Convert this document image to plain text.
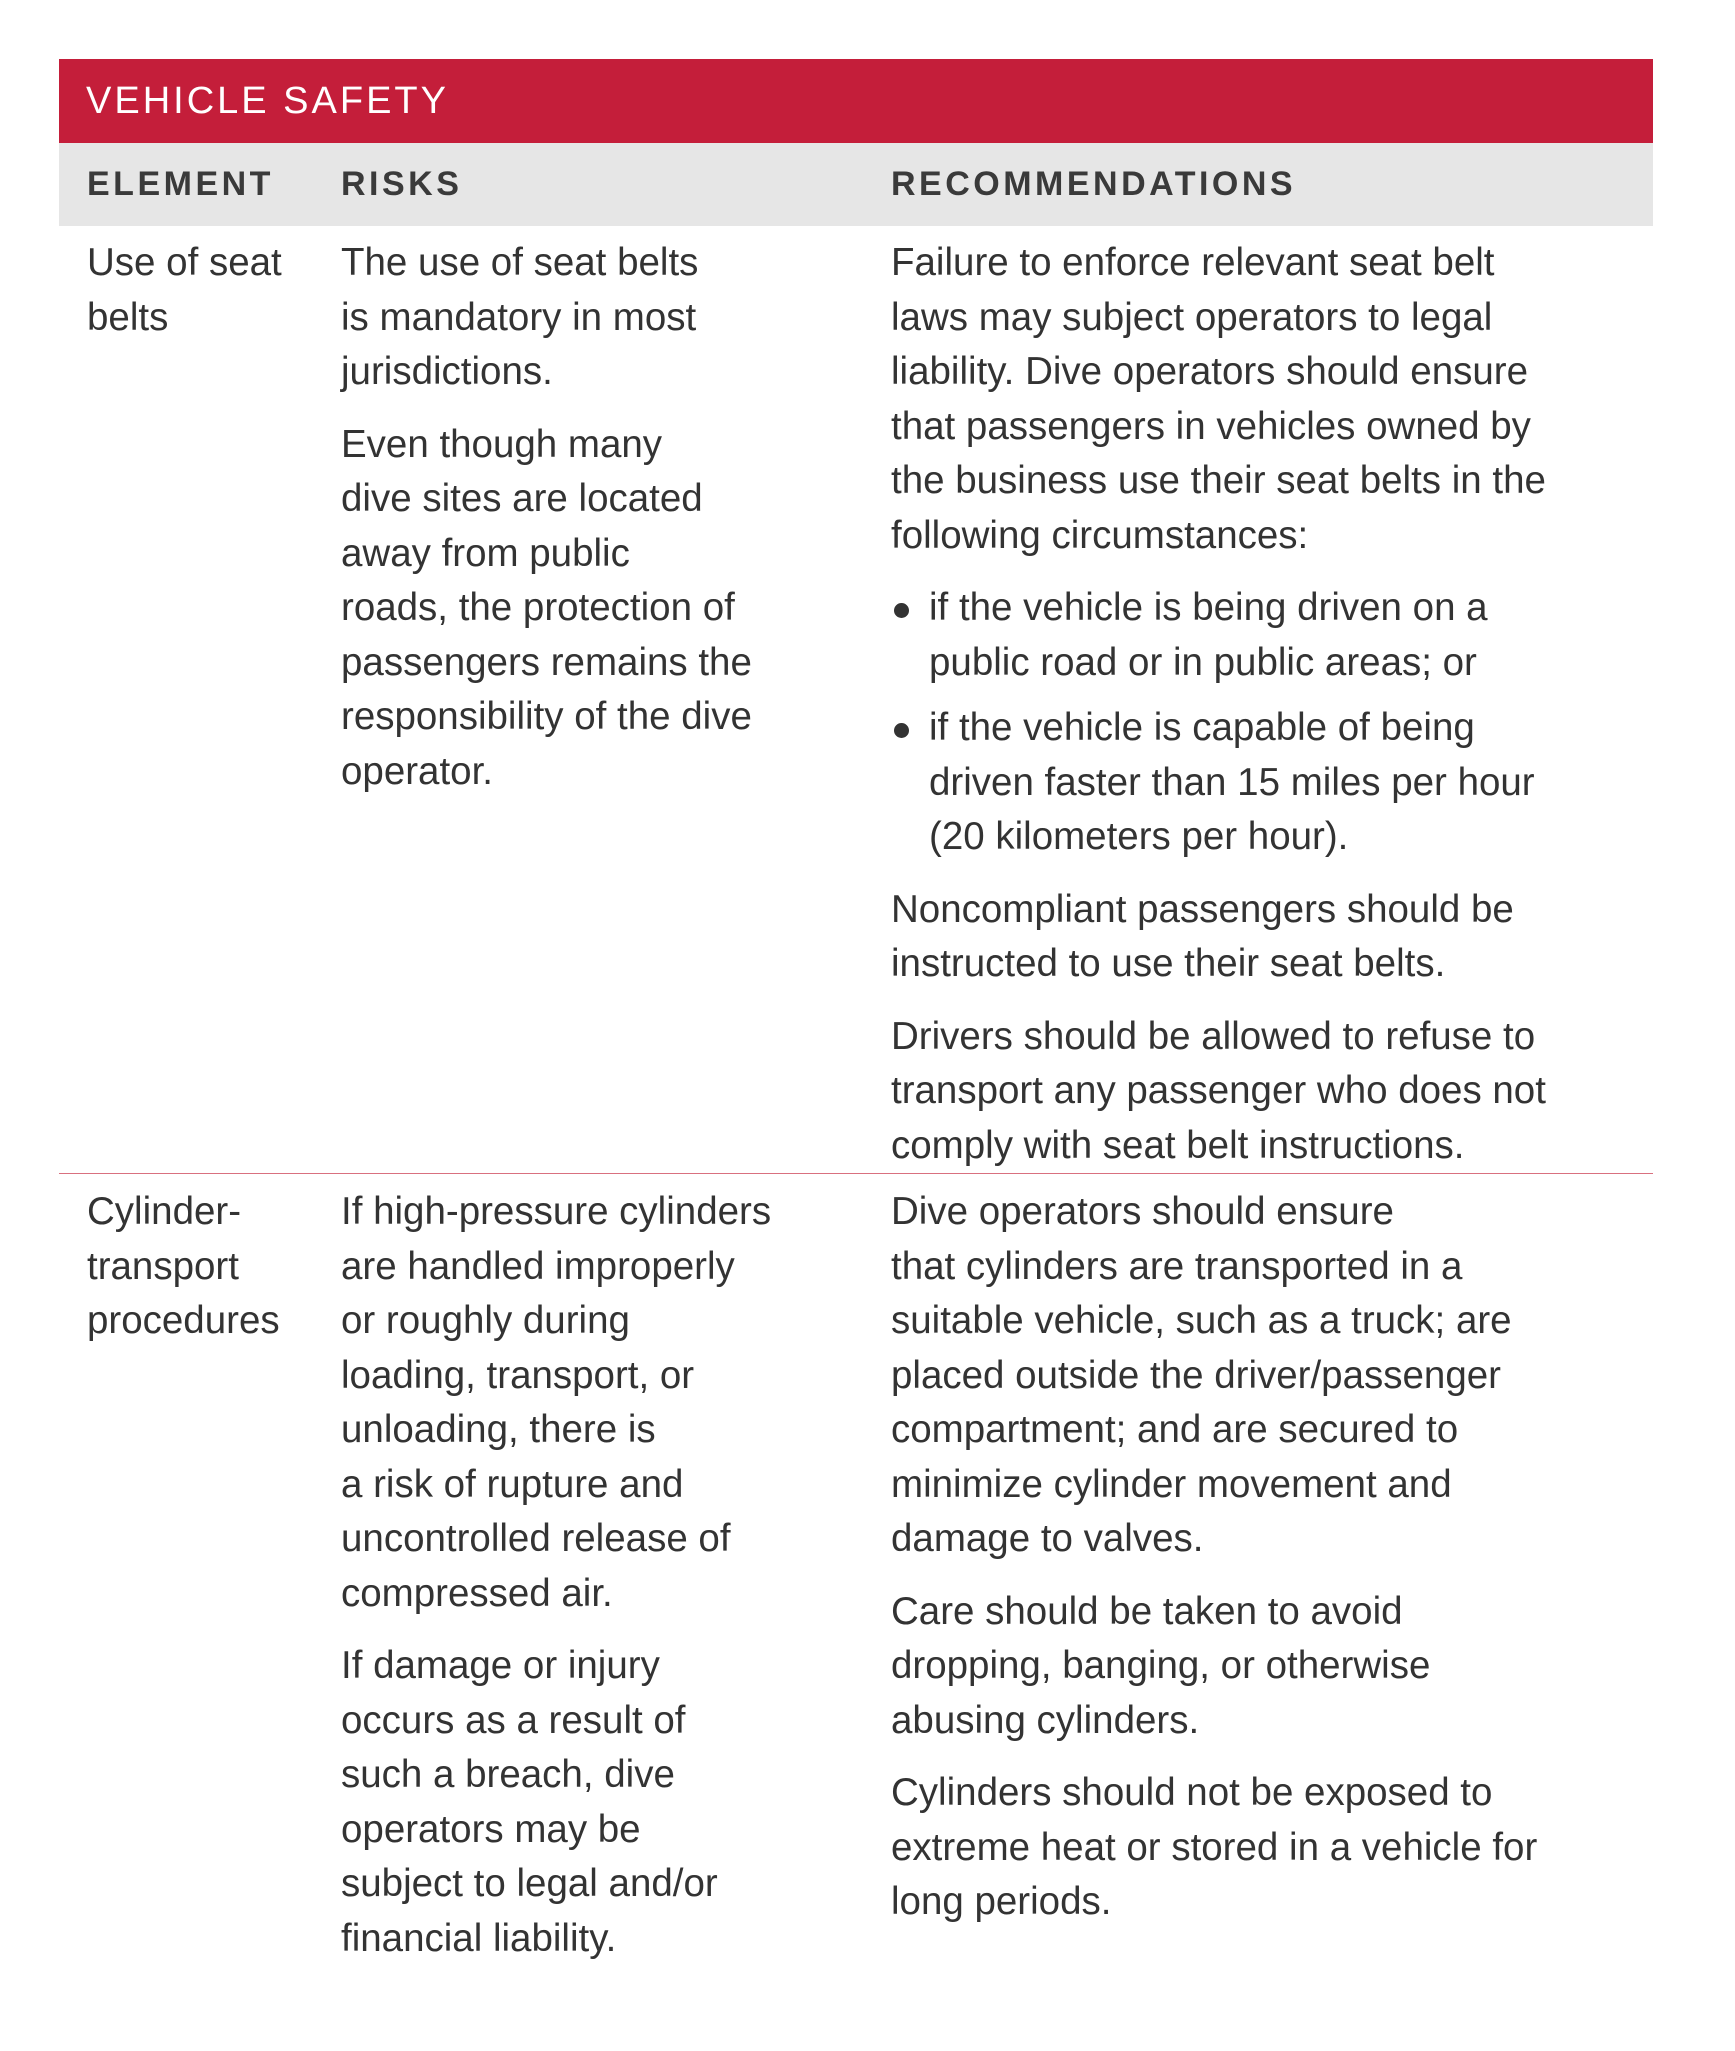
VEHICLE SAFETY
ELEMENT	RISKS	RECOMMENDATIONS
Use of seat
belts

The use of seat belts
is mandatory in most
jurisdictions.

Even though many
dive sites are located
away from public
roads, the protection of
passengers remains the
responsibility of the dive
operator.

Failure to enforce relevant seat belt
laws may subject operators to legal
liability. Dive operators should ensure
that passengers in vehicles owned by
the business use their seat belts in the
following circumstances:

if the vehicle is being driven on a
public road or in public areas; or
if the vehicle is capable of being
driven faster than 15 miles per hour
(20 kilometers per hour).

Noncompliant passengers should be
instructed to use their seat belts.

Drivers should be allowed to refuse to
transport any passenger who does not
comply with seat belt instructions.

Cylinder-
transport
procedures

If high-pressure cylinders
are handled improperly
or roughly during
loading, transport, or
unloading, there is
a risk of rupture and
uncontrolled release of
compressed air.

If damage or injury
occurs as a result of
such a breach, dive
operators may be
subject to legal and/or
financial liability.

Dive operators should ensure
that cylinders are transported in a
suitable vehicle, such as a truck; are
placed outside the driver/passenger
compartment; and are secured to
minimize cylinder movement and
damage to valves.

Care should be taken to avoid
dropping, banging, or otherwise
abusing cylinders.

Cylinders should not be exposed to
extreme heat or stored in a vehicle for
long periods.
